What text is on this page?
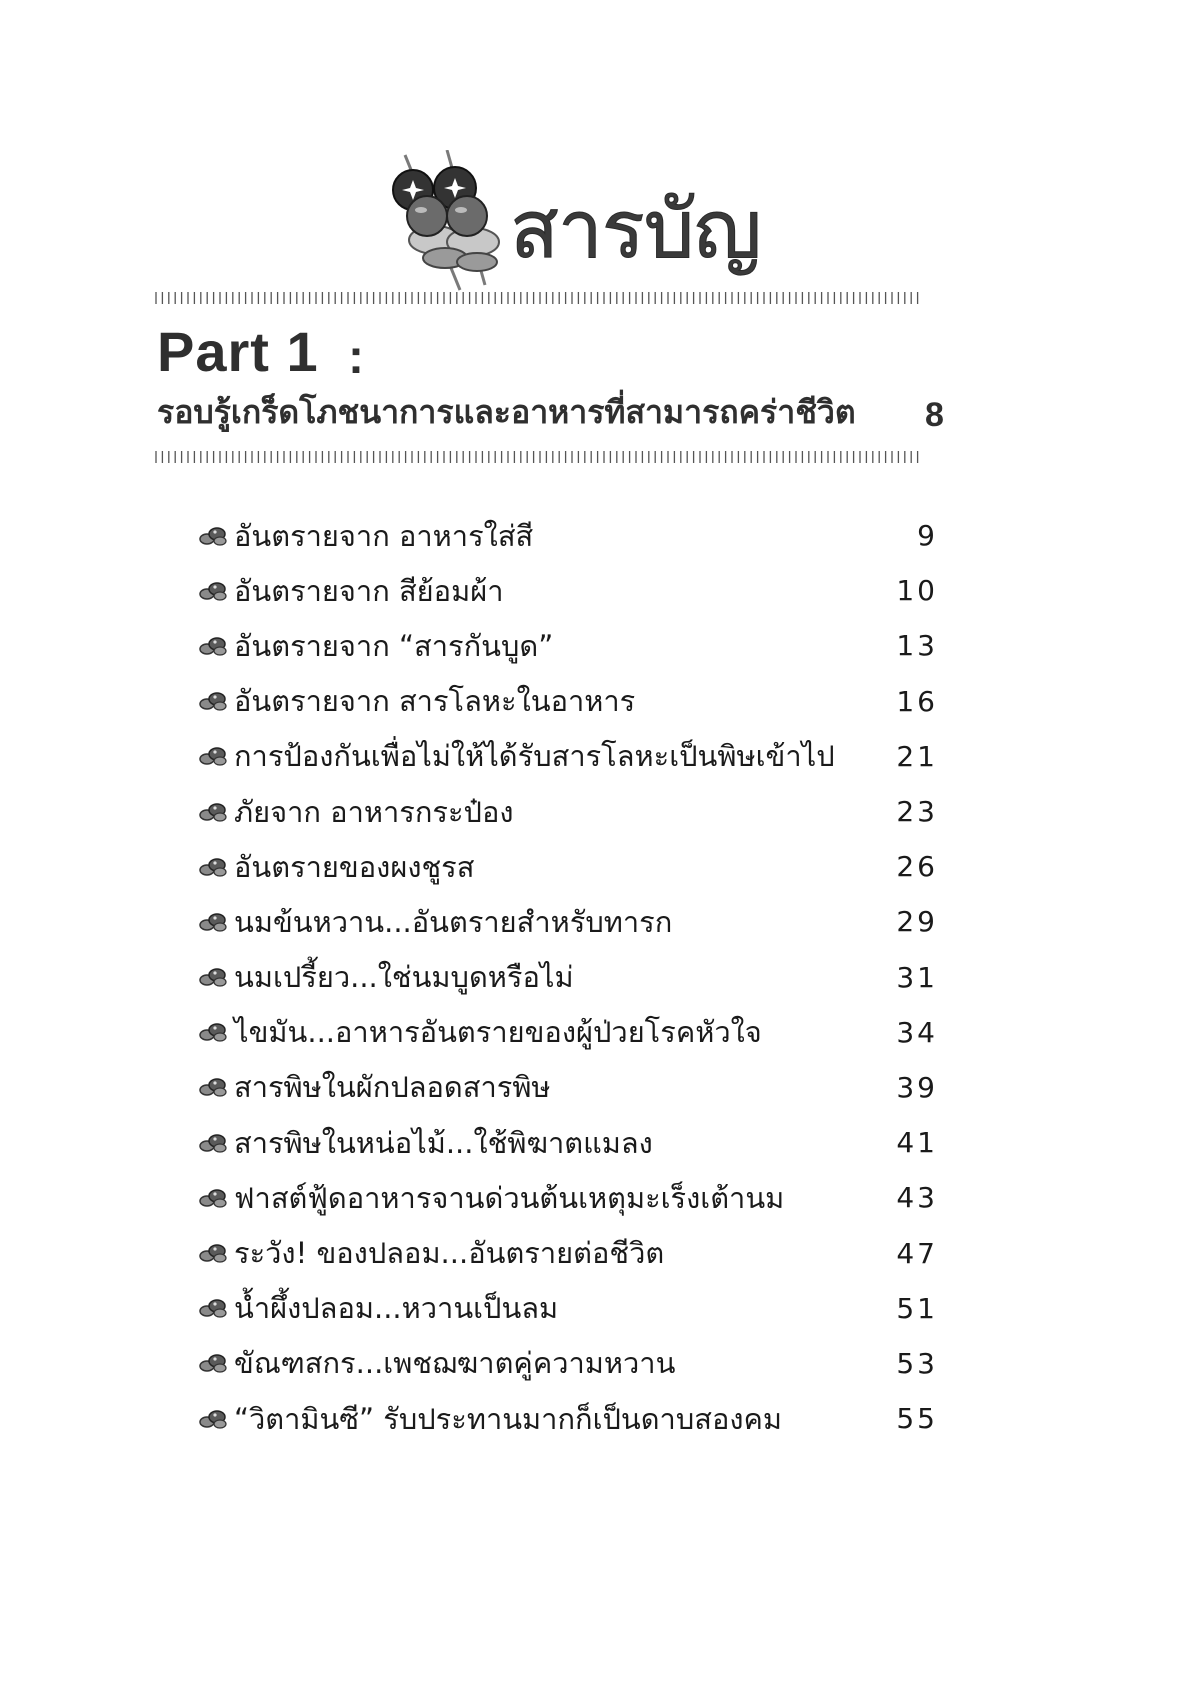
สารบัญ
Part 1 :
รอบรู้เกร็ดโภชนาการและอาหารที่สามารถคร่าชีวิต 8
อันตรายจาก อาหารใส่สี	9
อันตรายจาก สีย้อมผ้า	10
อันตรายจาก “สารกันบูด”	13
อันตรายจาก สารโลหะในอาหาร	16
การป้องกันเพื่อไม่ให้ได้รับสารโลหะเป็นพิษเข้าไป 21
ภัยจาก อาหารกระป๋อง	23
อันตรายของผงชูรส	26
นมข้นหวาน...อันตรายสำหรับทารก	29
นมเปรี้ยว...ใช่นมบูดหรือไม่	31
ไขมัน...อาหารอันตรายของผู้ป่วยโรคหัวใจ	34
สารพิษในผักปลอดสารพิษ	39
สารพิษในหน่อไม้...ใช้พิฆาตแมลง	41
ฟาสต์ฟู้ดอาหารจานด่วนต้นเหตุมะเร็งเต้านม	43
ระวัง! ของปลอม...อันตรายต่อชีวิต	47
น้ำผึ้งปลอม...หวานเป็นลม	51
ขัณฑสกร...เพชฌฆาตคู่ความหวาน	53
“วิตามินซี” รับประทานมากก็เป็นดาบสองคม	55
